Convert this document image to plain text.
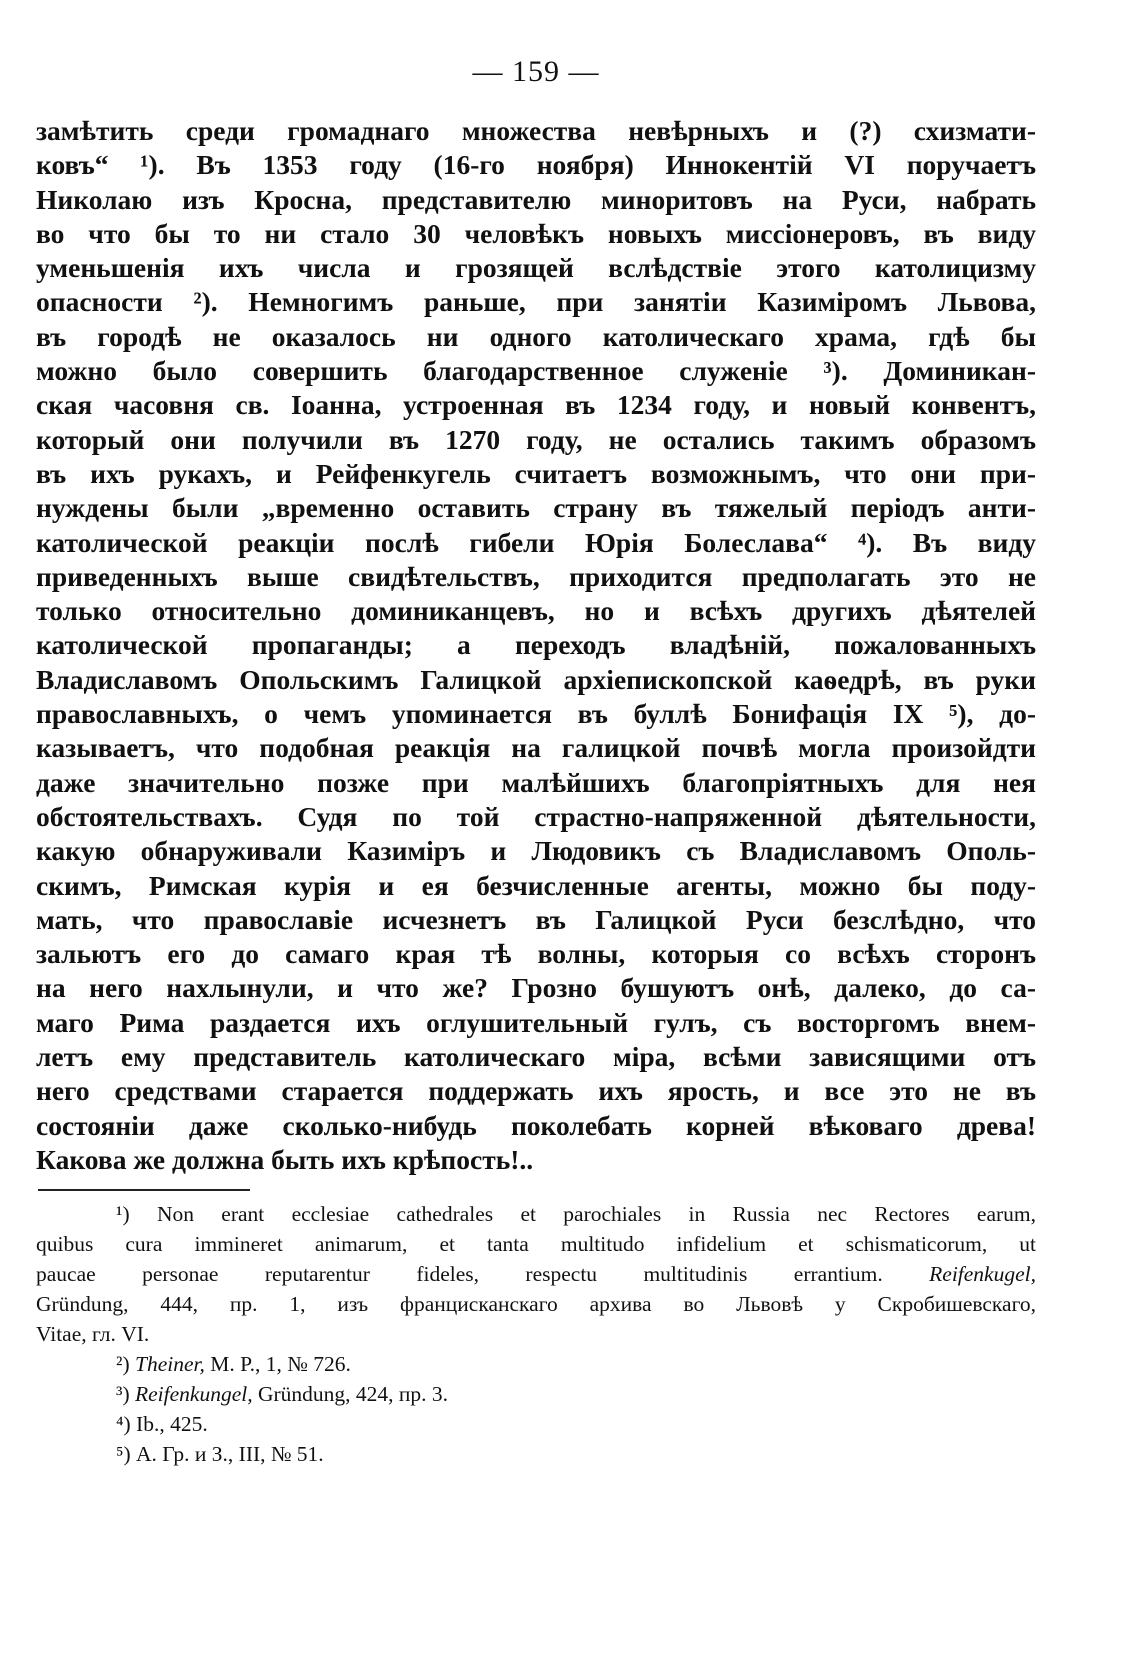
— 159 —
замѣтить среди громаднаго множества невѣрныхъ и (?) схизмати-
ковъ“ ¹). Въ 1353 году (16-го ноября) Иннокентій VI поручаетъ
Николаю изъ Кросна, представителю миноритовъ на Руси, набрать
во что бы то ни стало 30 человѣкъ новыхъ миссіонеровъ, въ виду
уменьшенія ихъ числа и грозящей вслѣдствіе этого католицизму
опасности ²). Немногимъ раньше, при занятіи Казиміромъ Львова,
въ городѣ не оказалось ни одного католическаго храма, гдѣ бы
можно было совершить благодарственное служеніе ³). Доминикан-
ская часовня св. Іоанна, устроенная въ 1234 году, и новый конвентъ,
который они получили въ 1270 году, не остались такимъ образомъ
въ ихъ рукахъ, и Рейфенкугель считаетъ возможнымъ, что они при-
нуждены были „временно оставить страну въ тяжелый періодъ анти-
католической реакціи послѣ гибели Юрія Болеслава“ ⁴). Въ виду
приведенныхъ выше свидѣтельствъ, приходится предполагать это не
только относительно доминиканцевъ, но и всѣхъ другихъ дѣятелей
католической пропаганды; а переходъ владѣній, пожалованныхъ
Владиславомъ Опольскимъ Галицкой архіепископской каѳедрѣ, въ руки
православныхъ, о чемъ упоминается въ буллѣ Бонифація IX ⁵), до-
казываетъ, что подобная реакція на галицкой почвѣ могла произойдти
даже значительно позже при малѣйшихъ благопріятныхъ для нея
обстоятельствахъ. Судя по той страстно-напряженной дѣятельности,
какую обнаруживали Казиміръ и Людовикъ съ Владиславомъ Ополь-
скимъ, Римская курія и ея безчисленные агенты, можно бы поду-
мать, что православіе исчезнетъ въ Галицкой Руси безслѣдно, что
зальютъ его до самаго края тѣ волны, которыя со всѣхъ сторонъ
на него нахлынули, и что же? Грозно бушуютъ онѣ, далеко, до са-
маго Рима раздается ихъ оглушительный гулъ, съ восторгомъ внем-
летъ ему представитель католическаго міра, всѣми зависящими отъ
него средствами старается поддержать ихъ ярость, и все это не въ
состояніи даже сколько-нибудь поколебать корней вѣковаго древа!
Какова же должна быть ихъ крѣпость!..
¹) Non erant ecclesiae cathedrales et parochiales in Russia nec Rectores earum,
quibus cura immineret animarum, et tanta multitudo infidelium et schismaticorum, ut
paucae personae reputarentur fideles, respectu multitudinis errantium. Reifenkugel,
Gründung, 444, пр. 1, изъ францисканскаго архива во Львовѣ у Скробишевскаго,
Vitae, гл. VI.
²) Theiner, M. P., 1, № 726.
³) Reifenkungel, Gründung, 424, пр. 3.
⁴) Ib., 425.
⁵) А. Гр. и З., III, № 51.
